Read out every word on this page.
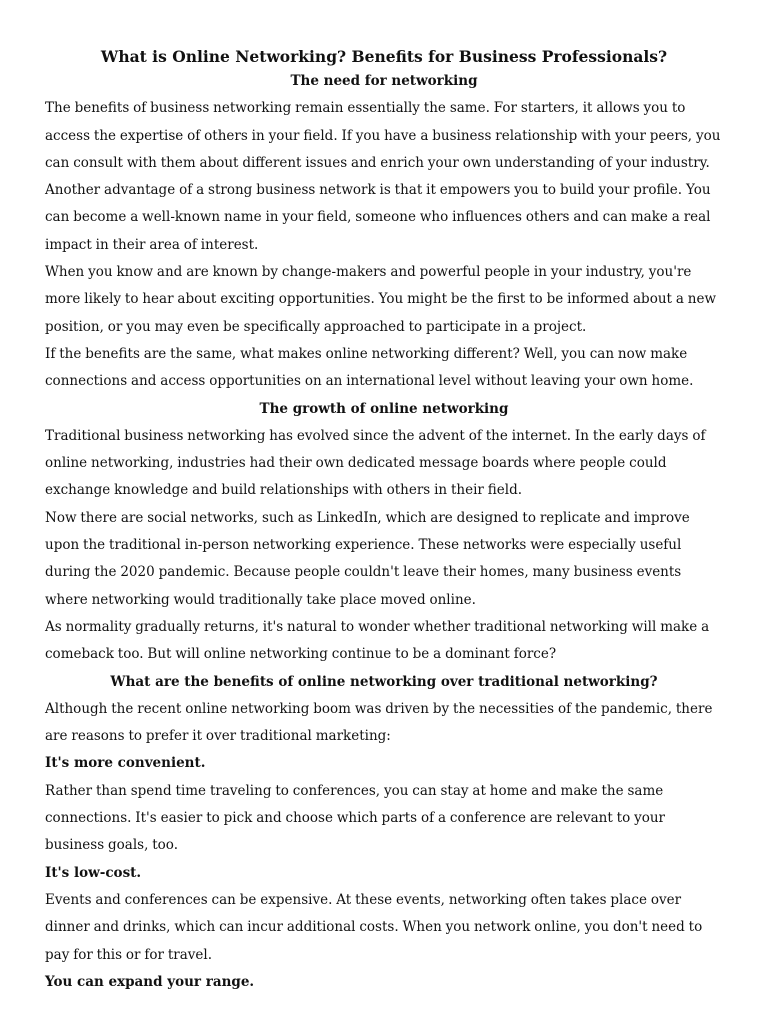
What is Online Networking? Benefits for Business Professionals?
The need for networking

The benefits of business networking remain essentially the same. For starters, it allows you to access the expertise of others in your field. If you have a business relationship with your peers, you can consult with them about different issues and enrich your own understanding of your industry.

Another advantage of a strong business network is that it empowers you to build your profile. You can become a well-known name in your field, someone who influences others and can make a real impact in their area of interest.

When you know and are known by change-makers and powerful people in your industry, you're more likely to hear about exciting opportunities. You might be the first to be informed about a new position, or you may even be specifically approached to participate in a project.

If the benefits are the same, what makes online networking different? Well, you can now make connections and access opportunities on an international level without leaving your own home.

The growth of online networking

Traditional business networking has evolved since the advent of the internet. In the early days of online networking, industries had their own dedicated message boards where people could exchange knowledge and build relationships with others in their field.

Now there are social networks, such as LinkedIn, which are designed to replicate and improve upon the traditional in-person networking experience. These networks were especially useful during the 2020 pandemic. Because people couldn't leave their homes, many business events where networking would traditionally take place moved online.

As normality gradually returns, it's natural to wonder whether traditional networking will make a comeback too. But will online networking continue to be a dominant force?

What are the benefits of online networking over traditional networking?

Although the recent online networking boom was driven by the necessities of the pandemic, there are reasons to prefer it over traditional marketing:

It's more convenient.

Rather than spend time traveling to conferences, you can stay at home and make the same connections. It's easier to pick and choose which parts of a conference are relevant to your business goals, too.

It's low-cost.

Events and conferences can be expensive. At these events, networking often takes place over dinner and drinks, which can incur additional costs. When you network online, you don't need to pay for this or for travel.

You can expand your range.
